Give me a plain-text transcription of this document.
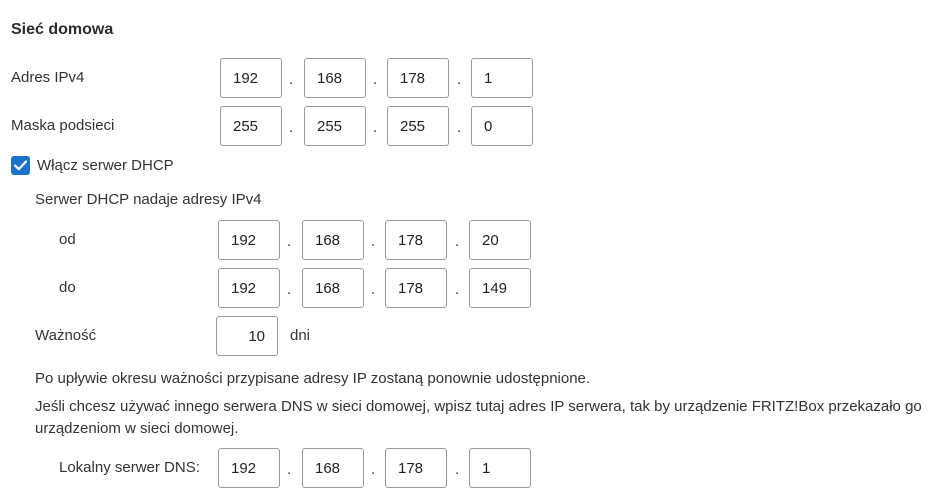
Sieć domowa
Adres IPv4
192	.
168	.
178	.
1
Maska podsieci
255	.
255	.
255	.
0
Włącz serwer DHCP
Serwer DHCP nadaje adresy IPv4
od
192	.
168	.
178	.
20
do
192	.
168	.
178	.
149
Ważność
10	dni
Po upływie okresu ważności przypisane adresy IP zostaną ponownie udostępnione.
Jeśli chcesz używać innego serwera DNS w sieci domowej, wpisz tutaj adres IP serwera, tak by urządzenie FRITZ!Box przekazało go
urządzeniom w sieci domowej.
Lokalny serwer DNS:
192	.
168	.
178	.
1
